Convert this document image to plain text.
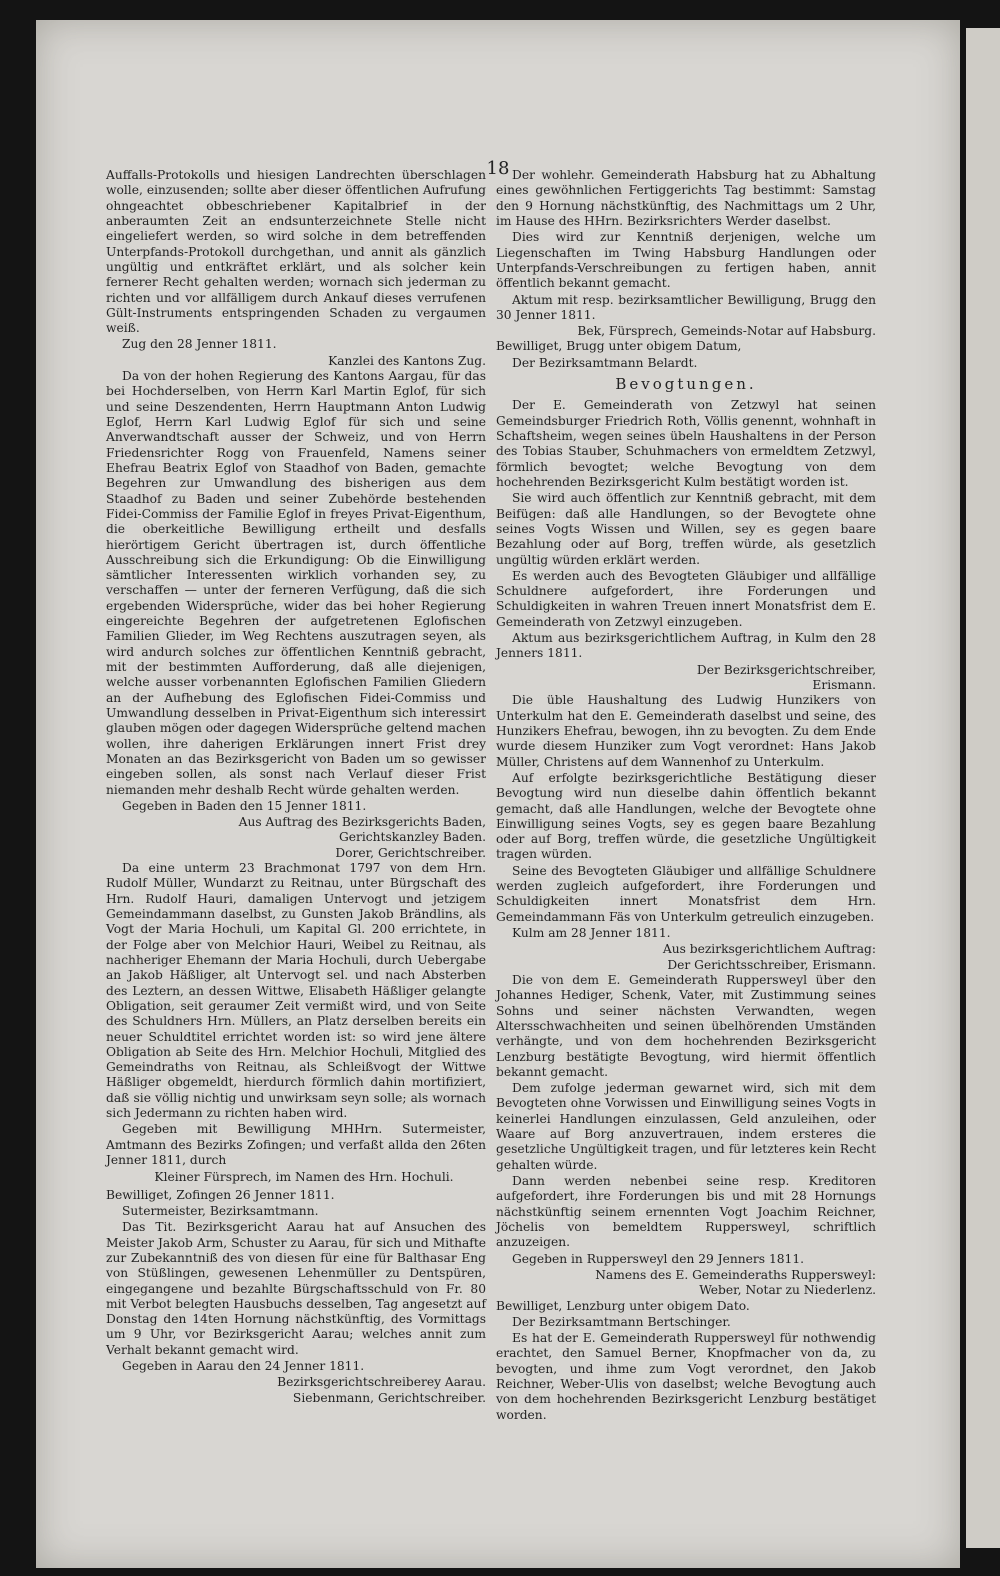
18

Auffalls-Protokolls und hiesigen Landrechten überschlagen wolle, einzusenden; sollte aber dieser öffentlichen Aufrufung ohngeachtet obbeschriebener Kapitalbrief in der anberaumten Zeit an endsunterzeichnete Stelle nicht eingeliefert werden, so wird solche in dem betreffenden Unterpfands-Protokoll durchgethan, und annit als gänzlich ungültig und entkräftet erklärt, und als solcher kein fernerer Recht gehalten werden; wornach sich jederman zu richten und vor allfälligem durch Ankauf dieses verrufenen Gült-Instruments entspringenden Schaden zu vergaumen weiß.

Zug den 28 Jenner 1811.

Kanzlei des Kantons Zug.

Da von der hohen Regierung des Kantons Aargau, für das bei Hochderselben, von Herrn Karl Martin Eglof, für sich und seine Deszendenten, Herrn Hauptmann Anton Ludwig Eglof, Herrn Karl Ludwig Eglof für sich und seine Anverwandtschaft ausser der Schweiz, und von Herrn Friedensrichter Rogg von Frauenfeld, Namens seiner Ehefrau Beatrix Eglof von Staadhof von Baden, gemachte Begehren zur Umwandlung des bisherigen aus dem Staadhof zu Baden und seiner Zubehörde bestehenden Fidei-Commiss der Familie Eglof in freyes Privat-Eigenthum, die oberkeitliche Bewilligung ertheilt und desfalls hierörtigem Gericht übertragen ist, durch öffentliche Ausschreibung sich die Erkundigung: Ob die Einwilligung sämtlicher Interessenten wirklich vorhanden sey, zu verschaffen — unter der ferneren Verfügung, daß die sich ergebenden Widersprüche, wider das bei hoher Regierung eingereichte Begehren der aufgetretenen Eglofischen Familien Glieder, im Weg Rechtens auszutragen seyen, als wird andurch solches zur öffentlichen Kenntniß gebracht, mit der bestimmten Aufforderung, daß alle diejenigen, welche ausser vorbenannten Eglofischen Familien Gliedern an der Aufhebung des Eglofischen Fidei-Commiss und Umwandlung desselben in Privat-Eigenthum sich interessirt glauben mögen oder dagegen Widersprüche geltend machen wollen, ihre daherigen Erklärungen innert Frist drey Monaten an das Bezirksgericht von Baden um so gewisser eingeben sollen, als sonst nach Verlauf dieser Frist niemanden mehr deshalb Recht würde gehalten werden.

Gegeben in Baden den 15 Jenner 1811.

Aus Auftrag des Bezirksgerichts Baden,

Gerichtskanzley Baden.

Dorer, Gerichtschreiber.

Da eine unterm 23 Brachmonat 1797 von dem Hrn. Rudolf Müller, Wundarzt zu Reitnau, unter Bürgschaft des Hrn. Rudolf Hauri, damaligen Untervogt und jetzigem Gemeindammann daselbst, zu Gunsten Jakob Brändlins, als Vogt der Maria Hochuli, um Kapital Gl. 200 errichtete, in der Folge aber von Melchior Hauri, Weibel zu Reitnau, als nachheriger Ehemann der Maria Hochuli, durch Uebergabe an Jakob Häßliger, alt Untervogt sel. und nach Absterben des Leztern, an dessen Wittwe, Elisabeth Häßliger gelangte Obligation, seit geraumer Zeit vermißt wird, und von Seite des Schuldners Hrn. Müllers, an Platz derselben bereits ein neuer Schuldtitel errichtet worden ist: so wird jene ältere Obligation ab Seite des Hrn. Melchior Hochuli, Mitglied des Gemeindraths von Reitnau, als Schleißvogt der Wittwe Häßliger obgemeldt, hierdurch förmlich dahin mortifiziert, daß sie völlig nichtig und unwirksam seyn solle; als wornach sich Jedermann zu richten haben wird.

Gegeben mit Bewilligung MHHrn. Sutermeister, Amtmann des Bezirks Zofingen; und verfaßt allda den 26ten Jenner 1811, durch

Kleiner Fürsprech, im Namen des Hrn. Hochuli.

Bewilliget, Zofingen 26 Jenner 1811.

Sutermeister, Bezirksamtmann.

Das Tit. Bezirksgericht Aarau hat auf Ansuchen des Meister Jakob Arm, Schuster zu Aarau, für sich und Mithafte zur Zubekanntniß des von diesen für eine für Balthasar Eng von Stüßlingen, gewesenen Lehenmüller zu Dentspüren, eingegangene und bezahlte Bürgschaftsschuld von Fr. 80 mit Verbot belegten Hausbuchs desselben, Tag angesetzt auf Donstag den 14ten Hornung nächstkünftig, des Vormittags um 9 Uhr, vor Bezirksgericht Aarau; welches annit zum Verhalt bekannt gemacht wird.

Gegeben in Aarau den 24 Jenner 1811.

Bezirksgerichtschreiberey Aarau.

Siebenmann, Gerichtschreiber.

Der wohlehr. Gemeinderath Habsburg hat zu Abhaltung eines gewöhnlichen Fertiggerichts Tag bestimmt: Samstag den 9 Hornung nächstkünftig, des Nachmittags um 2 Uhr, im Hause des HHrn. Bezirksrichters Werder daselbst.

Dies wird zur Kenntniß derjenigen, welche um Liegenschaften im Twing Habsburg Handlungen oder Unterpfands-Verschreibungen zu fertigen haben, annit öffentlich bekannt gemacht.

Aktum mit resp. bezirksamtlicher Bewilligung, Brugg den 30 Jenner 1811.

Bek, Fürsprech, Gemeinds-Notar auf Habsburg.

Bewilliget, Brugg unter obigem Datum,

Der Bezirksamtmann Belardt.

Bevogtungen.

Der E. Gemeinderath von Zetzwyl hat seinen Gemeindsburger Friedrich Roth, Völlis genennt, wohnhaft in Schaftsheim, wegen seines übeln Haushaltens in der Person des Tobias Stauber, Schuhmachers von ermeldtem Zetzwyl, förmlich bevogtet; welche Bevogtung von dem hochehrenden Bezirksgericht Kulm bestätigt worden ist.

Sie wird auch öffentlich zur Kenntniß gebracht, mit dem Beifügen: daß alle Handlungen, so der Bevogtete ohne seines Vogts Wissen und Willen, sey es gegen baare Bezahlung oder auf Borg, treffen würde, als gesetzlich ungültig würden erklärt werden.

Es werden auch des Bevogteten Gläubiger und allfällige Schuldnere aufgefordert, ihre Forderungen und Schuldigkeiten in wahren Treuen innert Monatsfrist dem E. Gemeinderath von Zetzwyl einzugeben.

Aktum aus bezirksgerichtlichem Auftrag, in Kulm den 28 Jenners 1811.

Der Bezirksgerichtschreiber,

Erismann.

Die üble Haushaltung des Ludwig Hunzikers von Unterkulm hat den E. Gemeinderath daselbst und seine, des Hunzikers Ehefrau, bewogen, ihn zu bevogten. Zu dem Ende wurde diesem Hunziker zum Vogt verordnet: Hans Jakob Müller, Christens auf dem Wannenhof zu Unterkulm.

Auf erfolgte bezirksgerichtliche Bestätigung dieser Bevogtung wird nun dieselbe dahin öffentlich bekannt gemacht, daß alle Handlungen, welche der Bevogtete ohne Einwilligung seines Vogts, sey es gegen baare Bezahlung oder auf Borg, treffen würde, die gesetzliche Ungültigkeit tragen würden.

Seine des Bevogteten Gläubiger und allfällige Schuldnere werden zugleich aufgefordert, ihre Forderungen und Schuldigkeiten innert Monatsfrist dem Hrn. Gemeindammann Fäs von Unterkulm getreulich einzugeben.

Kulm am 28 Jenner 1811.

Aus bezirksgerichtlichem Auftrag:

Der Gerichtsschreiber, Erismann.

Die von dem E. Gemeinderath Ruppersweyl über den Johannes Hediger, Schenk, Vater, mit Zustimmung seines Sohns und seiner nächsten Verwandten, wegen Altersschwachheiten und seinen übelhörenden Umständen verhängte, und von dem hochehrenden Bezirksgericht Lenzburg bestätigte Bevogtung, wird hiermit öffentlich bekannt gemacht.

Dem zufolge jederman gewarnet wird, sich mit dem Bevogteten ohne Vorwissen und Einwilligung seines Vogts in keinerlei Handlungen einzulassen, Geld anzuleihen, oder Waare auf Borg anzuvertrauen, indem ersteres die gesetzliche Ungültigkeit tragen, und für letzteres kein Recht gehalten würde.

Dann werden nebenbei seine resp. Kreditoren aufgefordert, ihre Forderungen bis und mit 28 Hornungs nächstkünftig seinem ernennten Vogt Joachim Reichner, Jöchelis von bemeldtem Ruppersweyl, schriftlich anzuzeigen.

Gegeben in Ruppersweyl den 29 Jenners 1811.

Namens des E. Gemeinderaths Ruppersweyl:

Weber, Notar zu Niederlenz.

Bewilliget, Lenzburg unter obigem Dato.

Der Bezirksamtmann Bertschinger.

Es hat der E. Gemeinderath Ruppersweyl für nothwendig erachtet, den Samuel Berner, Knopfmacher von da, zu bevogten, und ihme zum Vogt verordnet, den Jakob Reichner, Weber-Ulis von daselbst; welche Bevogtung auch von dem hochehrenden Bezirksgericht Lenzburg bestätiget worden.
